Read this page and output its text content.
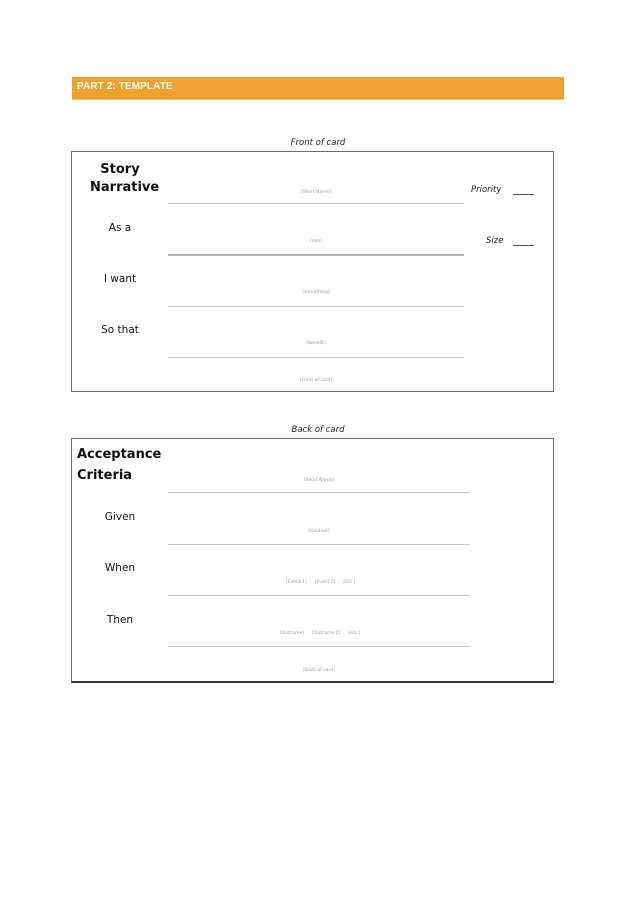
PART 2: TEMPLATE
Front of card
Story
Narrative	[Short Name]
As a
[role]
I want
[something]
So that
[benefit]
[Front of card]
Priority
Size
Back of card
Acceptance
Criteria	[Short Name]
Given
[Context]
When
[Event 1] [Event 2] [Etc.]
Then
[Outcome] [Outcome 2] [etc.]
[Back of card]
